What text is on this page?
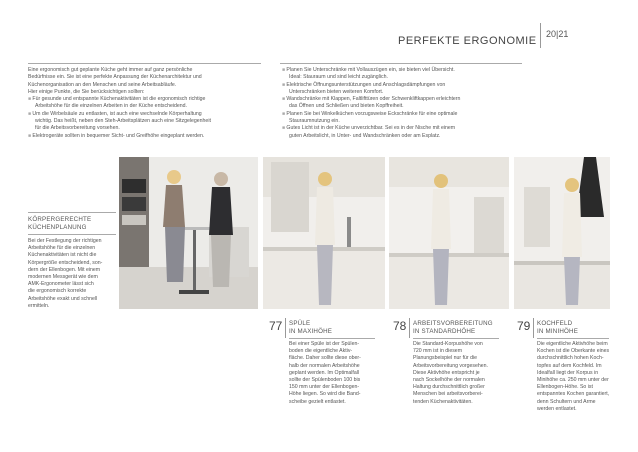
20|21
PERFEKTE ERGONOMIE
Eine ergonomisch gut geplante Küche geht immer auf ganz persönliche
Bedürfnisse ein. Sie ist eine perfekte Anpassung der Küchenarchitektur und
Küchenorganisation an den Menschen und seine Arbeitsabläufe.
Hier einige Punkte, die Sie berücksichtigen sollten:
■ Für gesunde und entspannte Küchenaktivitäten ist die ergonomisch richtige
Arbeitshöhe für die einzelnen Arbeiten in der Küche entscheidend.
■ Um die Wirbelsäule zu entlasten, ist auch eine wechselnde Körperhaltung
wichtig. Das heißt, neben den Steh-Arbeitsplätzen auch eine Sitzgelegenheit
für die Arbeitsvorbereitung vorsehen.
■ Elektrogeräte sollten in bequemer Sicht- und Greifhöhe eingeplant werden.
■ Planen Sie Unterschränke mit Vollauszügen ein, sie bieten viel Übersicht.
Ideal: Stauraum und sind leicht zugänglich.
■ Elektrische Öffnungsunterstützungen und Anschlagsdämpfungen von
Unterschränken bieten weiteren Komfort.
■ Wandschränke mit Klappen, Faltlifttüren oder Schwenkliftkappen erleichtern
das Öffnen und Schließen und bieten Kopffreiheit.
■ Planen Sie bei Winkelküchen vorzugsweise Eckschränke für eine optimale
Stauraumnutzung ein.
■ Gutes Licht ist in der Küche unverzichtbar. Sei es in der Nische mit einem
guten Arbeitslicht, in Unter- und Wandschränken oder am Esplatz.
KÖRPERGERECHTE
KÜCHENPLANUNG
Bei der Festlegung der richtigen
Arbeitshöhe für die einzelnen
Küchenaktivitäten ist nicht die
Körpergröße entscheidend, son-
dern der Ellenbogen. Mit einem
modernen Messgerät wie dem
AMK-Ergonometer lässt sich
die ergonomisch korrekte
Arbeitshöhe exakt und schnell
ermitteln.
77 SPÜLE
IN MAXIHÖHE
Bei einer Spüle ist der Spülen-
boden die eigentliche Aktiv-
fläche. Daher sollte diese ober-
halb der normalen Arbeitshöhe
geplant werden. Im Optimalfall
sollte der Spülenboden 100 bis
150 mm unter der Ellenbogen-
Höhe liegen. So wird die Band-
scheibe gezielt entlastet.
78 ARBEITSVORBEREITUNG
IN STANDARDHÖHE
Die Standard-Korpushöhe von
720 mm ist in diesem
Planungsbeispiel nur für die
Arbeitsvorbereitung vorgesehen.
Diese Aktivhöhe entspricht je
nach Sockelhöhe der normalen
Haltung durchschnittlich großer
Menschen bei arbeitsvorberei-
tenden Küchenaktivitäten.
79 KOCHFELD
IN MINIHÖHE
Die eigentliche Aktivhöhe beim
Kochen ist die Oberkante eines
durchschnittlich hohen Koch-
topfes auf dem Kochfeld. Im
Idealfall liegt der Korpus in
Minihöhe ca. 250 mm unter der
Ellenbogen-Höhe. So ist
entspanntes Kochen garantiert,
denn Schultern und Arme
werden entlastet.
